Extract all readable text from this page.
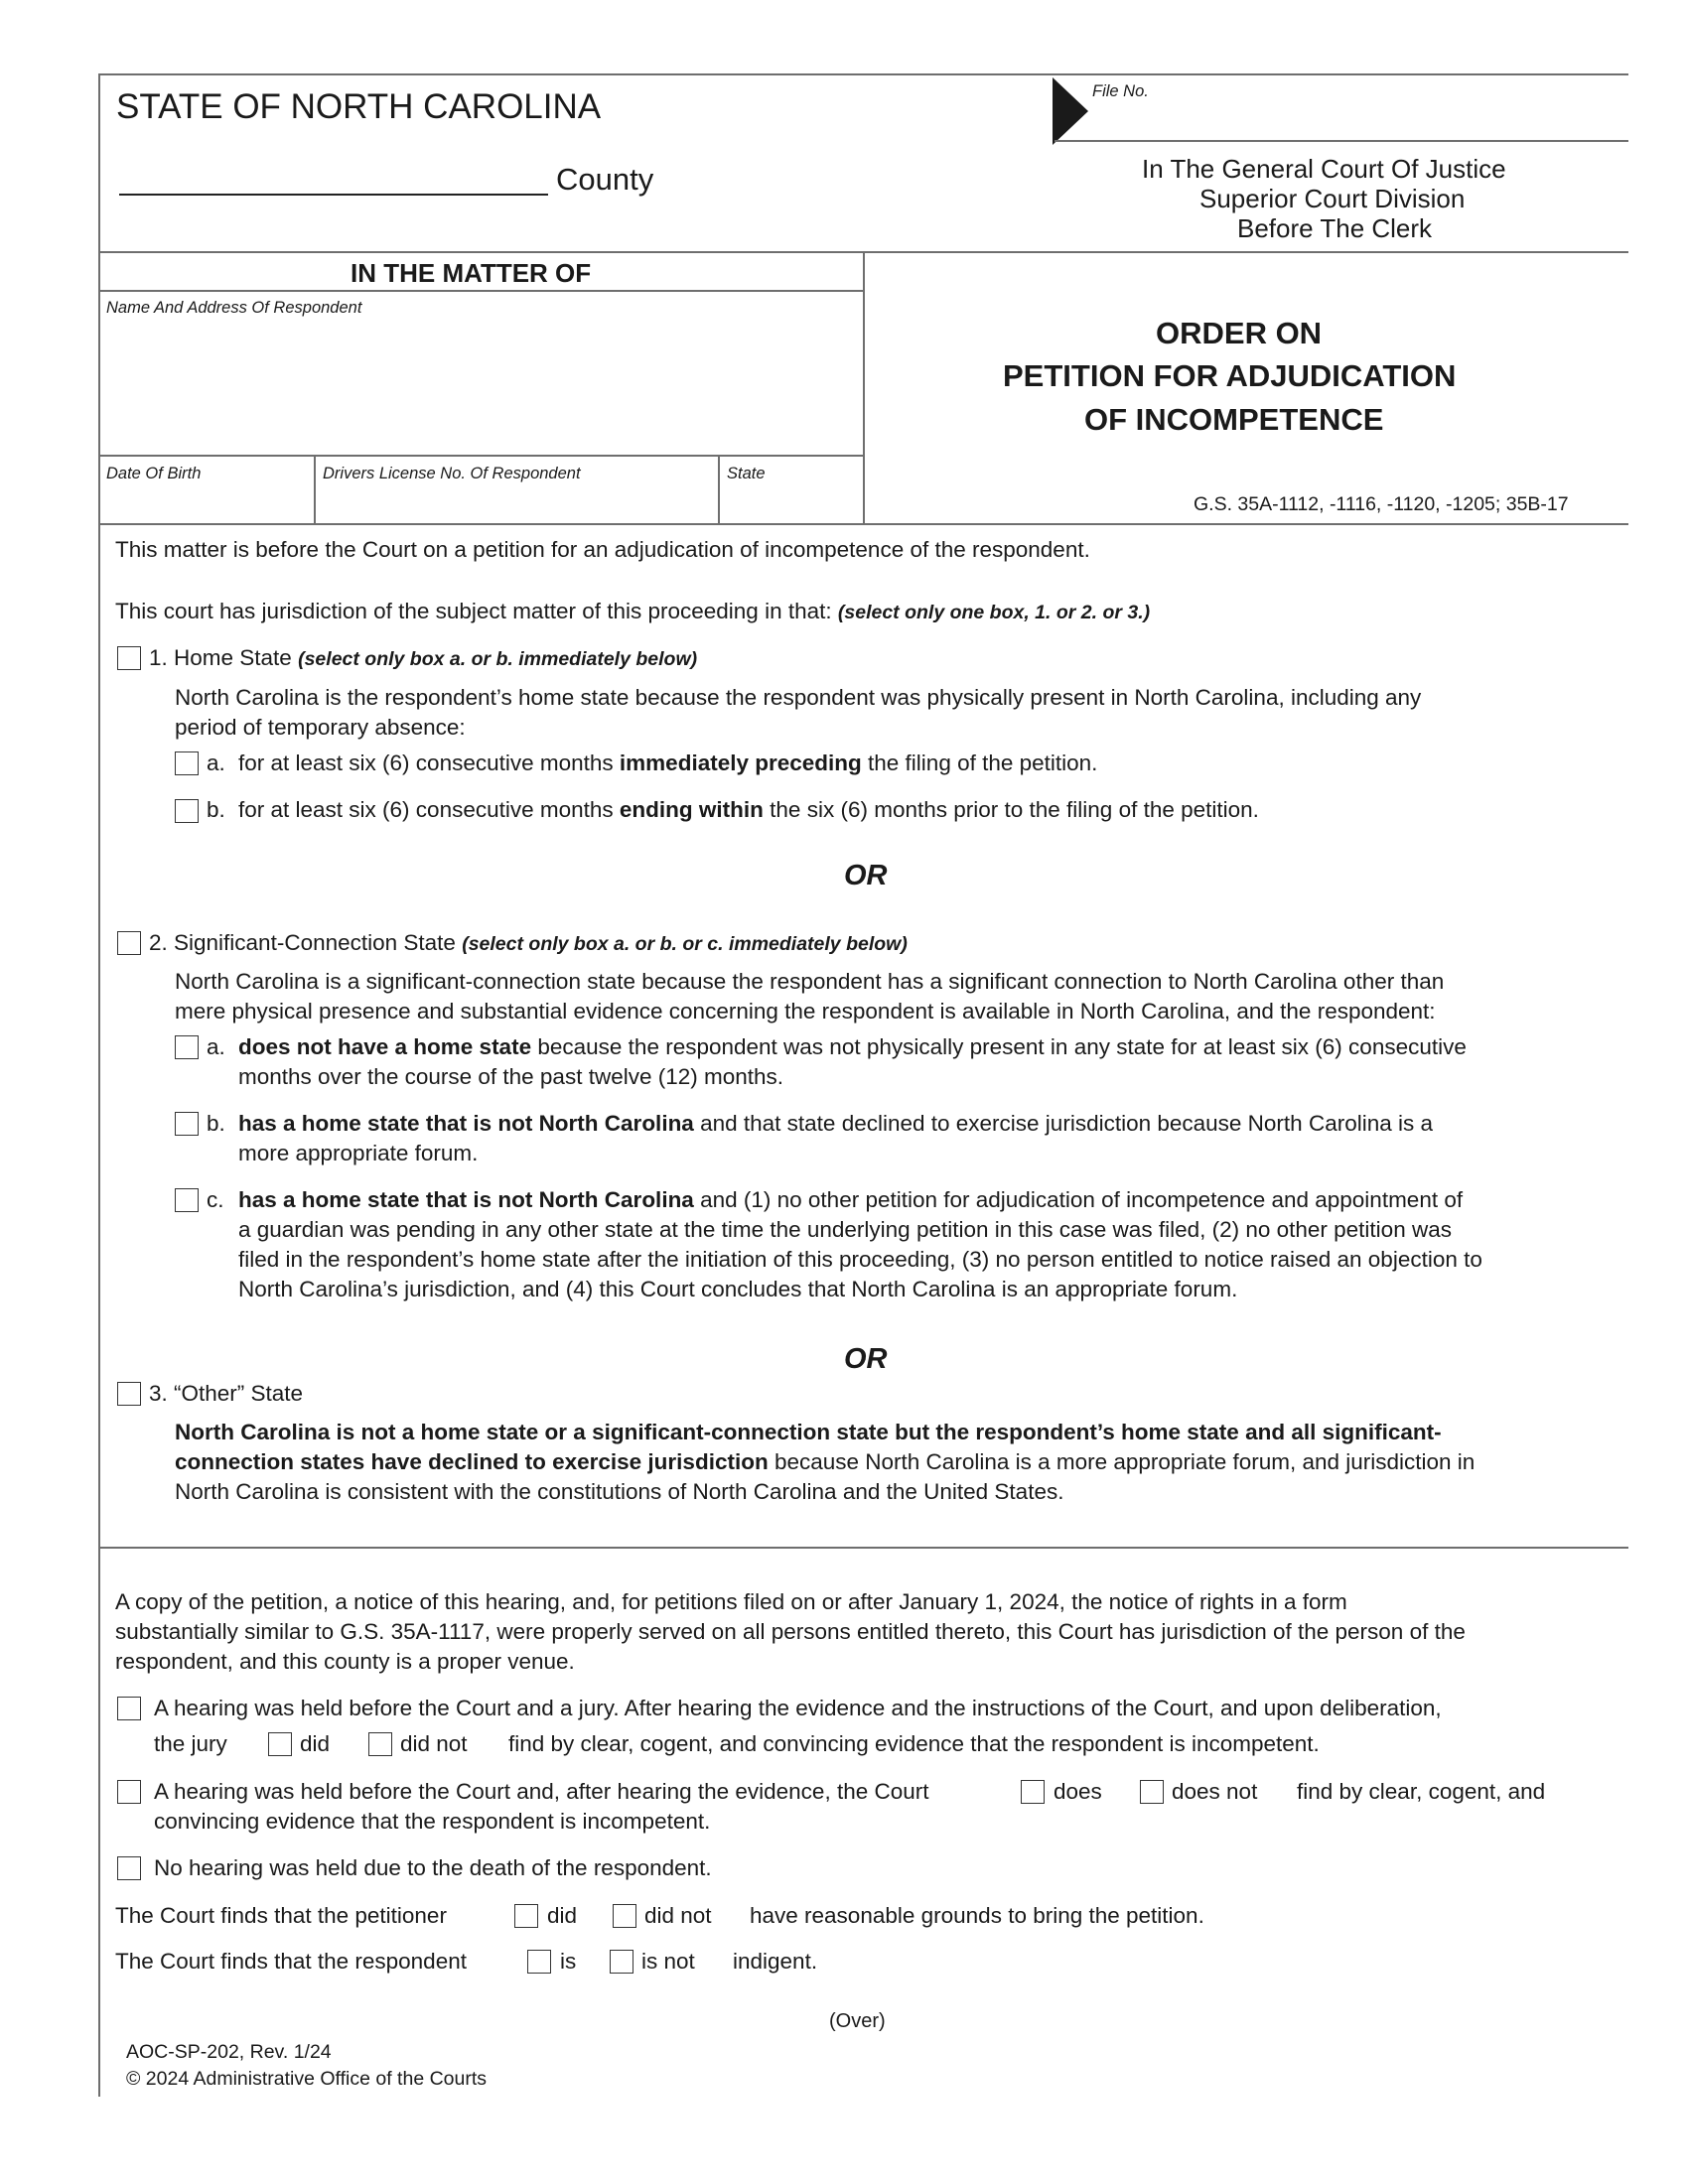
STATE OF NORTH CAROLINA
County
File No.
In The General Court Of Justice
Superior Court Division
Before The Clerk
IN THE MATTER OF
Name And Address Of Respondent
Date Of Birth	Drivers License No. Of Respondent	State
ORDER ON
PETITION FOR ADJUDICATION
OF INCOMPETENCE
G.S. 35A-1112, -1116, -1120, -1205; 35B-17
This matter is before the Court on a petition for an adjudication of incompetence of the respondent.
This court has jurisdiction of the subject matter of this proceeding in that: (select only one box, 1. or 2. or 3.)
1. Home State (select only box a. or b. immediately below)
North Carolina is the respondent’s home state because the respondent was physically present in North Carolina, including any
period of temporary absence:
a. for at least six (6) consecutive months immediately preceding the filing of the petition.
b. for at least six (6) consecutive months ending within the six (6) months prior to the filing of the petition.
OR
2. Significant-Connection State (select only box a. or b. or c. immediately below)
North Carolina is a significant-connection state because the respondent has a significant connection to North Carolina other than
mere physical presence and substantial evidence concerning the respondent is available in North Carolina, and the respondent:
a. does not have a home state because the respondent was not physically present in any state for at least six (6) consecutive
months over the course of the past twelve (12) months.
b. has a home state that is not North Carolina and that state declined to exercise jurisdiction because North Carolina is a
more appropriate forum.
c. has a home state that is not North Carolina and (1) no other petition for adjudication of incompetence and appointment of
a guardian was pending in any other state at the time the underlying petition in this case was filed, (2) no other petition was
filed in the respondent’s home state after the initiation of this proceeding, (3) no person entitled to notice raised an objection to
North Carolina’s jurisdiction, and (4) this Court concludes that North Carolina is an appropriate forum.
OR
3. “Other” State
North Carolina is not a home state or a significant-connection state but the respondent’s home state and all significant-
connection states have declined to exercise jurisdiction because North Carolina is a more appropriate forum, and jurisdiction in
North Carolina is consistent with the constitutions of North Carolina and the United States.
A copy of the petition, a notice of this hearing, and, for petitions filed on or after January 1, 2024, the notice of rights in a form
substantially similar to G.S. 35A-1117, were properly served on all persons entitled thereto, this Court has jurisdiction of the person of the
respondent, and this county is a proper venue.
A hearing was held before the Court and a jury. After hearing the evidence and the instructions of the Court, and upon deliberation,
the jury	did	did not find by clear, cogent, and convincing evidence that the respondent is incompetent.
A hearing was held before the Court and, after hearing the evidence, the Court	does	does not find by clear, cogent, and
convincing evidence that the respondent is incompetent.
No hearing was held due to the death of the respondent.
The Court finds that the petitioner	did	did not have reasonable grounds to bring the petition.
The Court finds that the respondent	is	is not indigent.
(Over)
AOC-SP-202, Rev. 1/24
© 2024 Administrative Office of the Courts
